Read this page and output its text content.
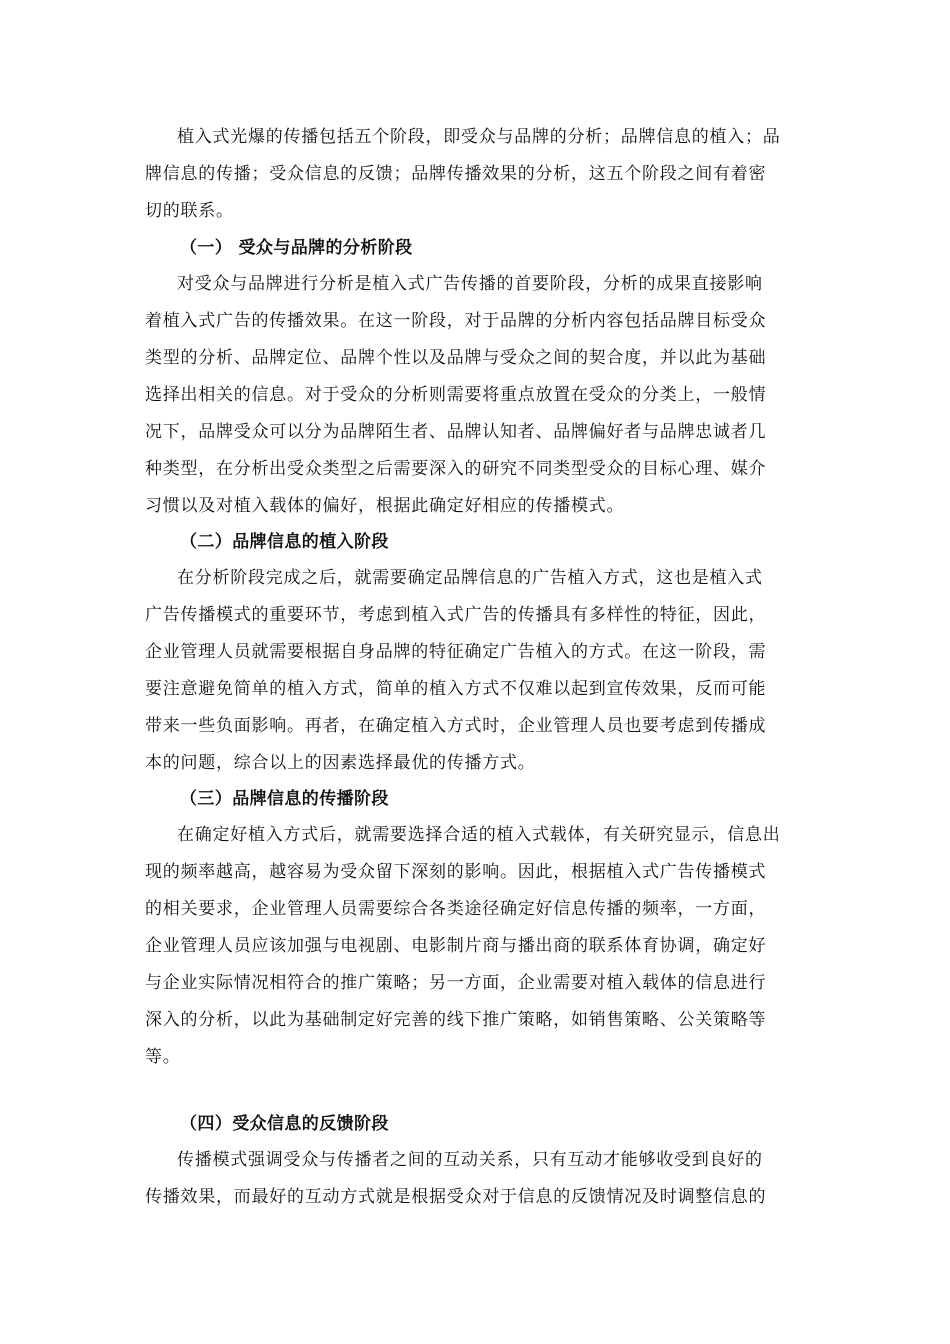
植入式光爆的传播包括五个阶段，即受众与品牌的分析；品牌信息的植入；品
牌信息的传播；受众信息的反馈；品牌传播效果的分析，这五个阶段之间有着密
切的联系。
（一） 受众与品牌的分析阶段
对受众与品牌进行分析是植入式广告传播的首要阶段，分析的成果直接影响
着植入式广告的传播效果。在这一阶段，对于品牌的分析内容包括品牌目标受众
类型的分析、品牌定位、品牌个性以及品牌与受众之间的契合度，并以此为基础
选择出相关的信息。对于受众的分析则需要将重点放置在受众的分类上，一般情
况下，品牌受众可以分为品牌陌生者、品牌认知者、品牌偏好者与品牌忠诚者几
种类型，在分析出受众类型之后需要深入的研究不同类型受众的目标心理、媒介
习惯以及对植入载体的偏好，根据此确定好相应的传播模式。
（二）品牌信息的植入阶段
在分析阶段完成之后，就需要确定品牌信息的广告植入方式，这也是植入式
广告传播模式的重要环节，考虑到植入式广告的传播具有多样性的特征，因此，
企业管理人员就需要根据自身品牌的特征确定广告植入的方式。在这一阶段，需
要注意避免简单的植入方式，简单的植入方式不仅难以起到宣传效果，反而可能
带来一些负面影响。再者，在确定植入方式时，企业管理人员也要考虑到传播成
本的问题，综合以上的因素选择最优的传播方式。
（三）品牌信息的传播阶段
在确定好植入方式后，就需要选择合适的植入式载体，有关研究显示，信息出
现的频率越高，越容易为受众留下深刻的影响。因此，根据植入式广告传播模式
的相关要求，企业管理人员需要综合各类途径确定好信息传播的频率，一方面，
企业管理人员应该加强与电视剧、电影制片商与播出商的联系体育协调，确定好
与企业实际情况相符合的推广策略；另一方面，企业需要对植入载体的信息进行
深入的分析，以此为基础制定好完善的线下推广策略，如销售策略、公关策略等
等。
（四）受众信息的反馈阶段
传播模式强调受众与传播者之间的互动关系，只有互动才能够收受到良好的
传播效果，而最好的互动方式就是根据受众对于信息的反馈情况及时调整信息的
